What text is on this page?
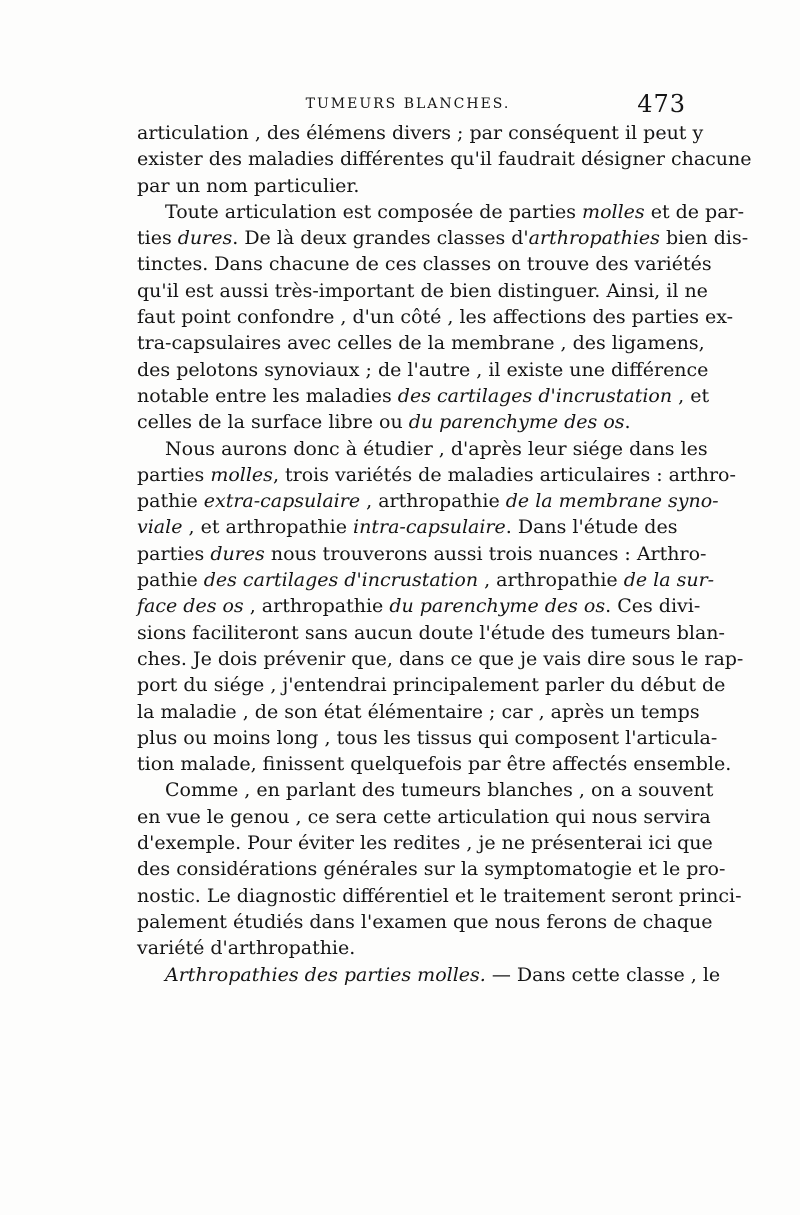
TUMEURS BLANCHES.	473
articulation , des élémens divers ; par conséquent il peut y
exister des maladies différentes qu'il faudrait désigner chacune
par un nom particulier.
Toute articulation est composée de parties molles et de par-
ties dures. De là deux grandes classes d'arthropathies bien dis-
tinctes. Dans chacune de ces classes on trouve des variétés
qu'il est aussi très-important de bien distinguer. Ainsi, il ne
faut point confondre , d'un côté , les affections des parties ex-
tra-capsulaires avec celles de la membrane , des ligamens,
des pelotons synoviaux ; de l'autre , il existe une différence
notable entre les maladies des cartilages d'incrustation , et
celles de la surface libre ou du parenchyme des os.
Nous aurons donc à étudier , d'après leur siége dans les
parties molles, trois variétés de maladies articulaires : arthro-
pathie extra-capsulaire , arthropathie de la membrane syno-
viale , et arthropathie intra-capsulaire. Dans l'étude des
parties dures nous trouverons aussi trois nuances : Arthro-
pathie des cartilages d'incrustation , arthropathie de la sur-
face des os , arthropathie du parenchyme des os. Ces divi-
sions faciliteront sans aucun doute l'étude des tumeurs blan-
ches. Je dois prévenir que, dans ce que je vais dire sous le rap-
port du siége , j'entendrai principalement parler du début de
la maladie , de son état élémentaire ; car , après un temps
plus ou moins long , tous les tissus qui composent l'articula-
tion malade, finissent quelquefois par être affectés ensemble.
Comme , en parlant des tumeurs blanches , on a souvent
en vue le genou , ce sera cette articulation qui nous servira
d'exemple. Pour éviter les redites , je ne présenterai ici que
des considérations générales sur la symptomatogie et le pro-
nostic. Le diagnostic différentiel et le traitement seront princi-
palement étudiés dans l'examen que nous ferons de chaque
variété d'arthropathie.
Arthropathies des parties molles. — Dans cette classe , le
